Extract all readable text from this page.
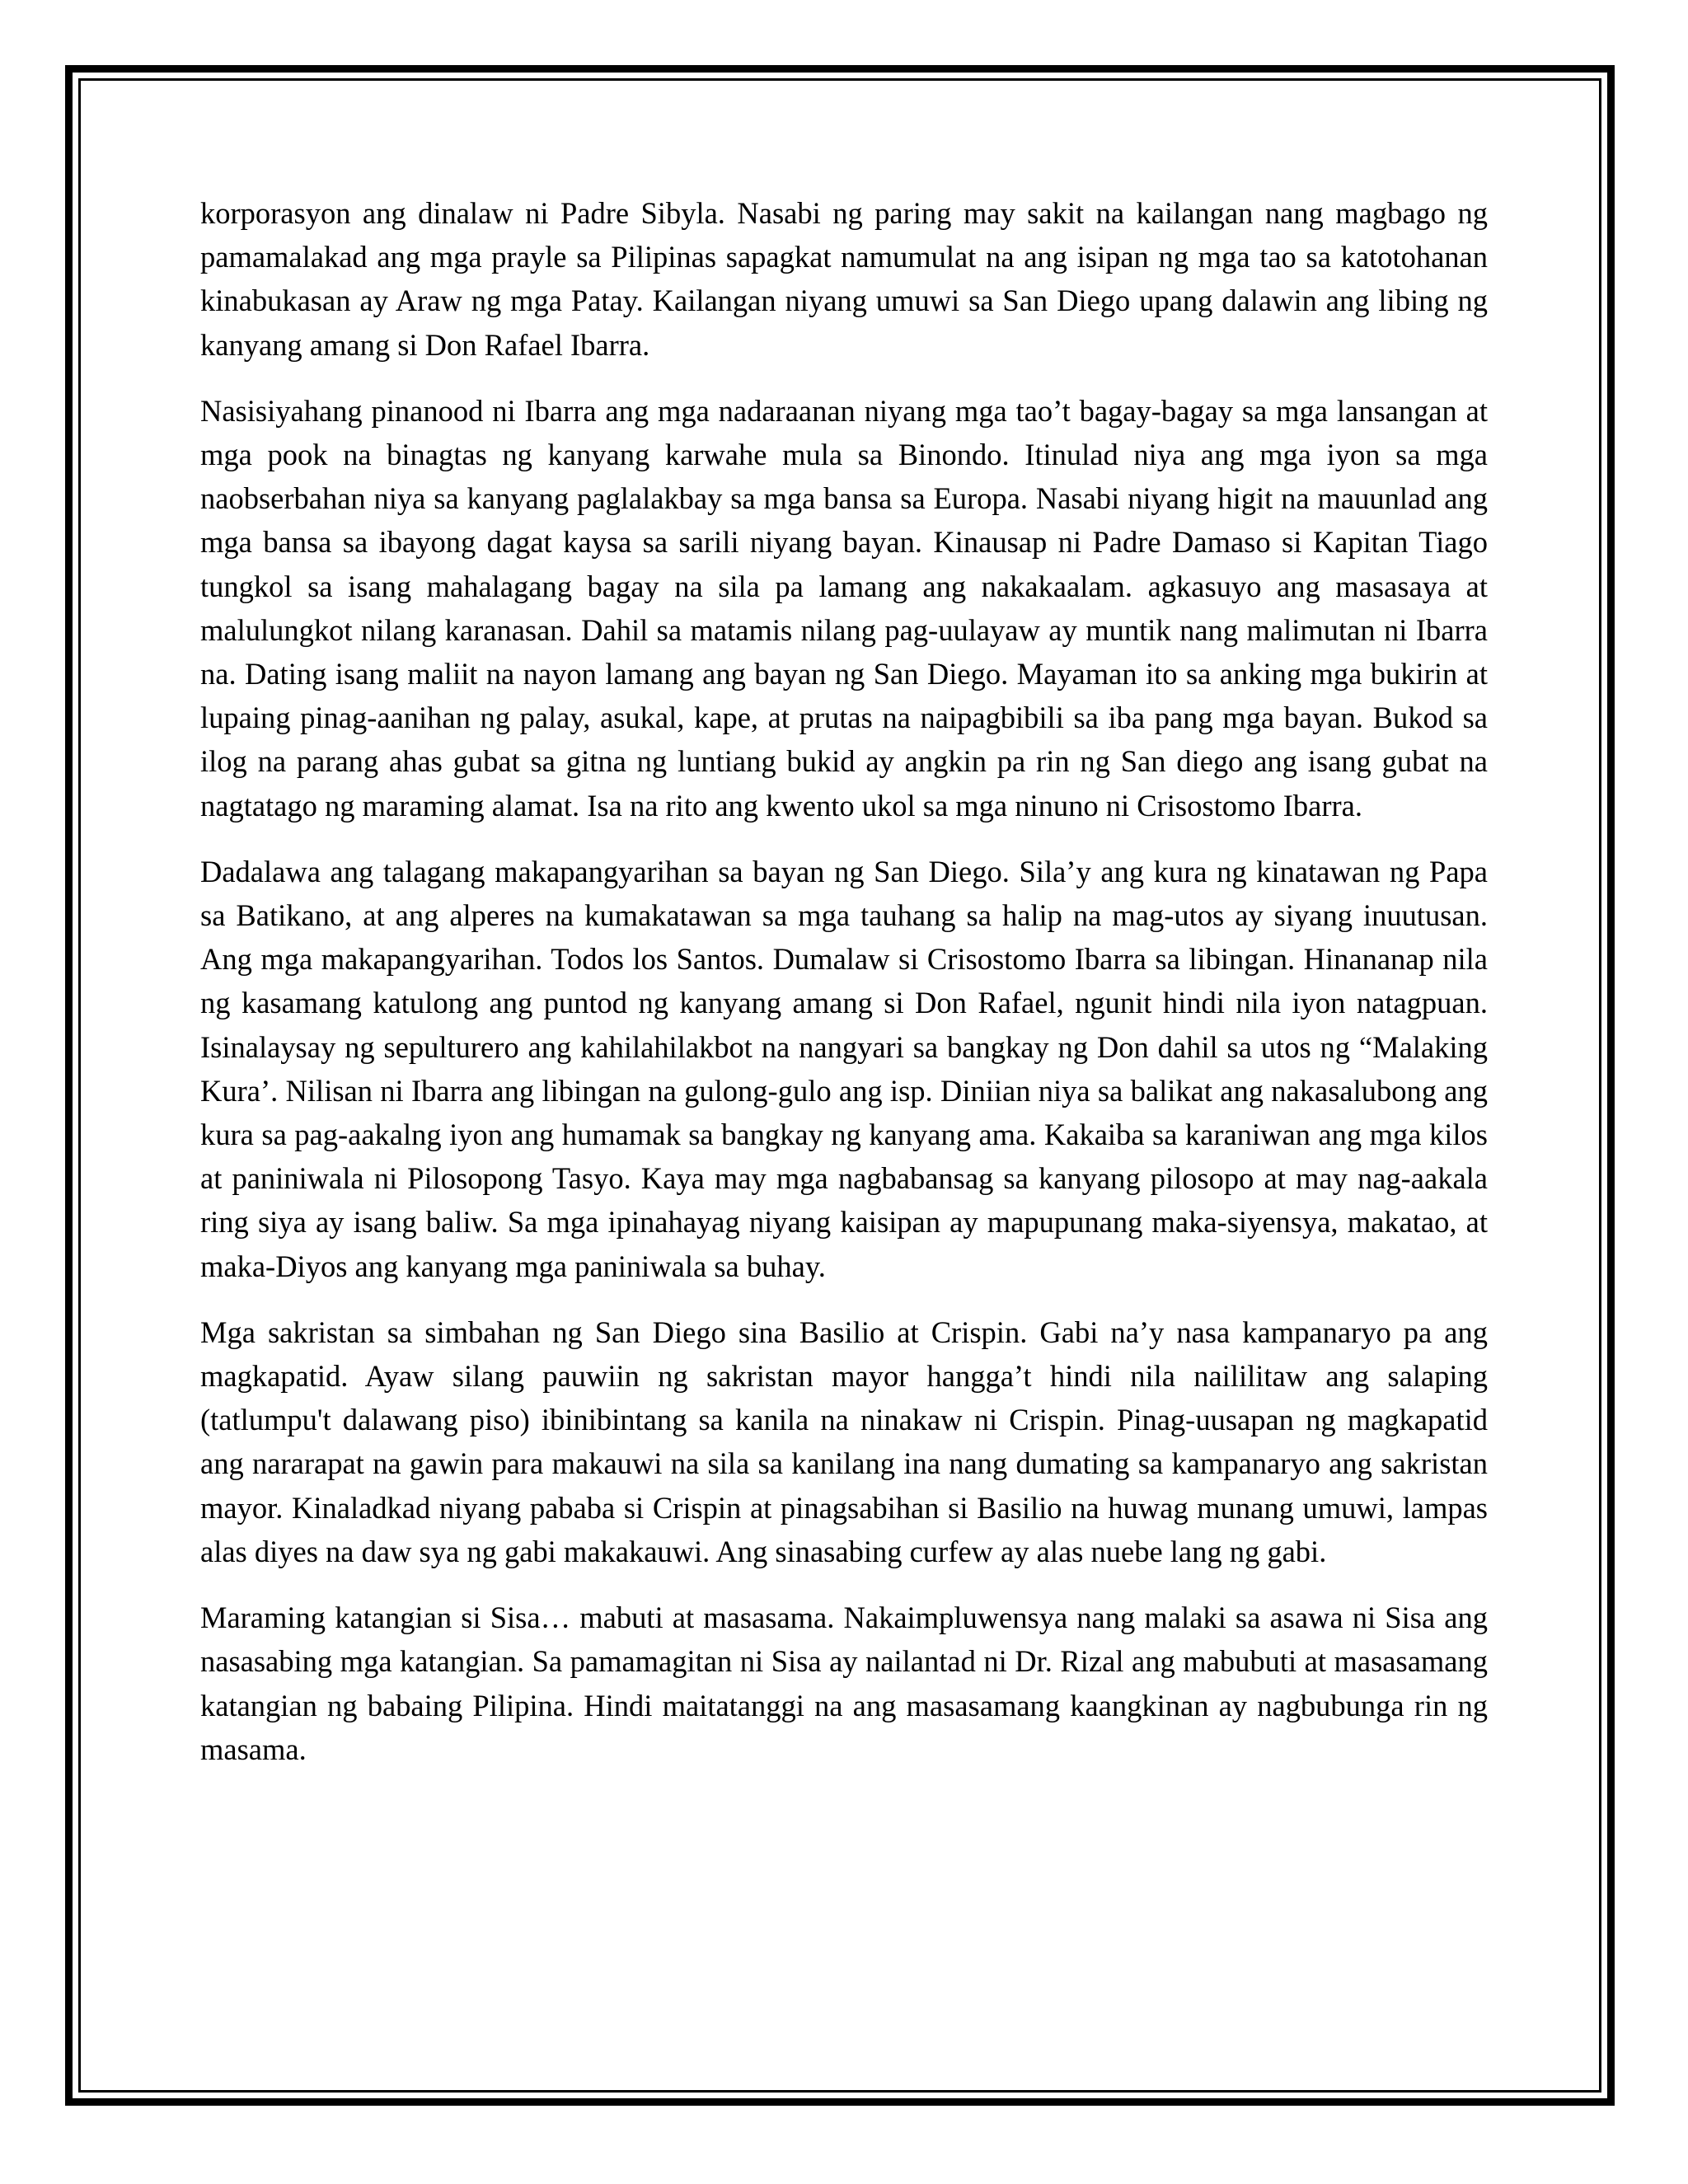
korporasyon ang dinalaw ni Padre Sibyla. Nasabi ng paring may sakit na kailangan nang magbago ng pamamalakad ang mga prayle sa Pilipinas sapagkat namumulat na ang isipan ng mga tao sa katotohanan kinabukasan ay Araw ng mga Patay. Kailangan niyang umuwi sa San Diego upang dalawin ang libing ng kanyang amang si Don Rafael Ibarra.

Nasisiyahang pinanood ni Ibarra ang mga nadaraanan niyang mga tao’t bagay-bagay sa mga lansangan at mga pook na binagtas ng kanyang karwahe mula sa Binondo. Itinulad niya ang mga iyon sa mga naobserbahan niya sa kanyang paglalakbay sa mga bansa sa Europa. Nasabi niyang higit na mauunlad ang mga bansa sa ibayong dagat kaysa sa sarili niyang bayan. Kinausap ni Padre Damaso si Kapitan Tiago tungkol sa isang mahalagang bagay na sila pa lamang ang nakakaalam. agkasuyo ang masasaya at malulungkot nilang karanasan. Dahil sa matamis nilang pag-uulayaw ay muntik nang malimutan ni Ibarra na. Dating isang maliit na nayon lamang ang bayan ng San Diego. Mayaman ito sa anking mga bukirin at lupaing pinag-aanihan ng palay, asukal, kape, at prutas na naipagbibili sa iba pang mga bayan. Bukod sa ilog na parang ahas gubat sa gitna ng luntiang bukid ay angkin pa rin ng San diego ang isang gubat na nagtatago ng maraming alamat. Isa na rito ang kwento ukol sa mga ninuno ni Crisostomo Ibarra.

Dadalawa ang talagang makapangyarihan sa bayan ng San Diego. Sila’y ang kura ng kinatawan ng Papa sa Batikano, at ang alperes na kumakatawan sa mga tauhang sa halip na mag-utos ay siyang inuutusan. Ang mga makapangyarihan. Todos los Santos. Dumalaw si Crisostomo Ibarra sa libingan. Hinananap nila ng kasamang katulong ang puntod ng kanyang amang si Don Rafael, ngunit hindi nila iyon natagpuan. Isinalaysay ng sepulturero ang kahilahilakbot na nangyari sa bangkay ng Don dahil sa utos ng “Malaking Kura’. Nilisan ni Ibarra ang libingan na gulong-gulo ang isp. Diniian niya sa balikat ang nakasalubong ang kura sa pag-aakalng iyon ang humamak sa bangkay ng kanyang ama. Kakaiba sa karaniwan ang mga kilos at paniniwala ni Pilosopong Tasyo. Kaya may mga nagbabansag sa kanyang pilosopo at may nag-aakala ring siya ay isang baliw. Sa mga ipinahayag niyang kaisipan ay mapupunang maka-siyensya, makatao, at maka-Diyos ang kanyang mga paniniwala sa buhay.

Mga sakristan sa simbahan ng San Diego sina Basilio at Crispin. Gabi na’y nasa kampanaryo pa ang magkapatid. Ayaw silang pauwiin ng sakristan mayor hangga’t hindi nila naililitaw ang salaping (tatlumpu't dalawang piso) ibinibintang sa kanila na ninakaw ni Crispin. Pinag-uusapan ng magkapatid ang nararapat na gawin para makauwi na sila sa kanilang ina nang dumating sa kampanaryo ang sakristan mayor. Kinaladkad niyang pababa si Crispin at pinagsabihan si Basilio na huwag munang umuwi, lampas alas diyes na daw sya ng gabi makakauwi. Ang sinasabing curfew ay alas nuebe lang ng gabi.

Maraming katangian si Sisa… mabuti at masasama. Nakaimpluwensya nang malaki sa asawa ni Sisa ang nasasabing mga katangian. Sa pamamagitan ni Sisa ay nailantad ni Dr. Rizal ang mabubuti at masasamang katangian ng babaing Pilipina. Hindi maitatanggi na ang masasamang kaangkinan ay nagbubunga rin ng masama.
